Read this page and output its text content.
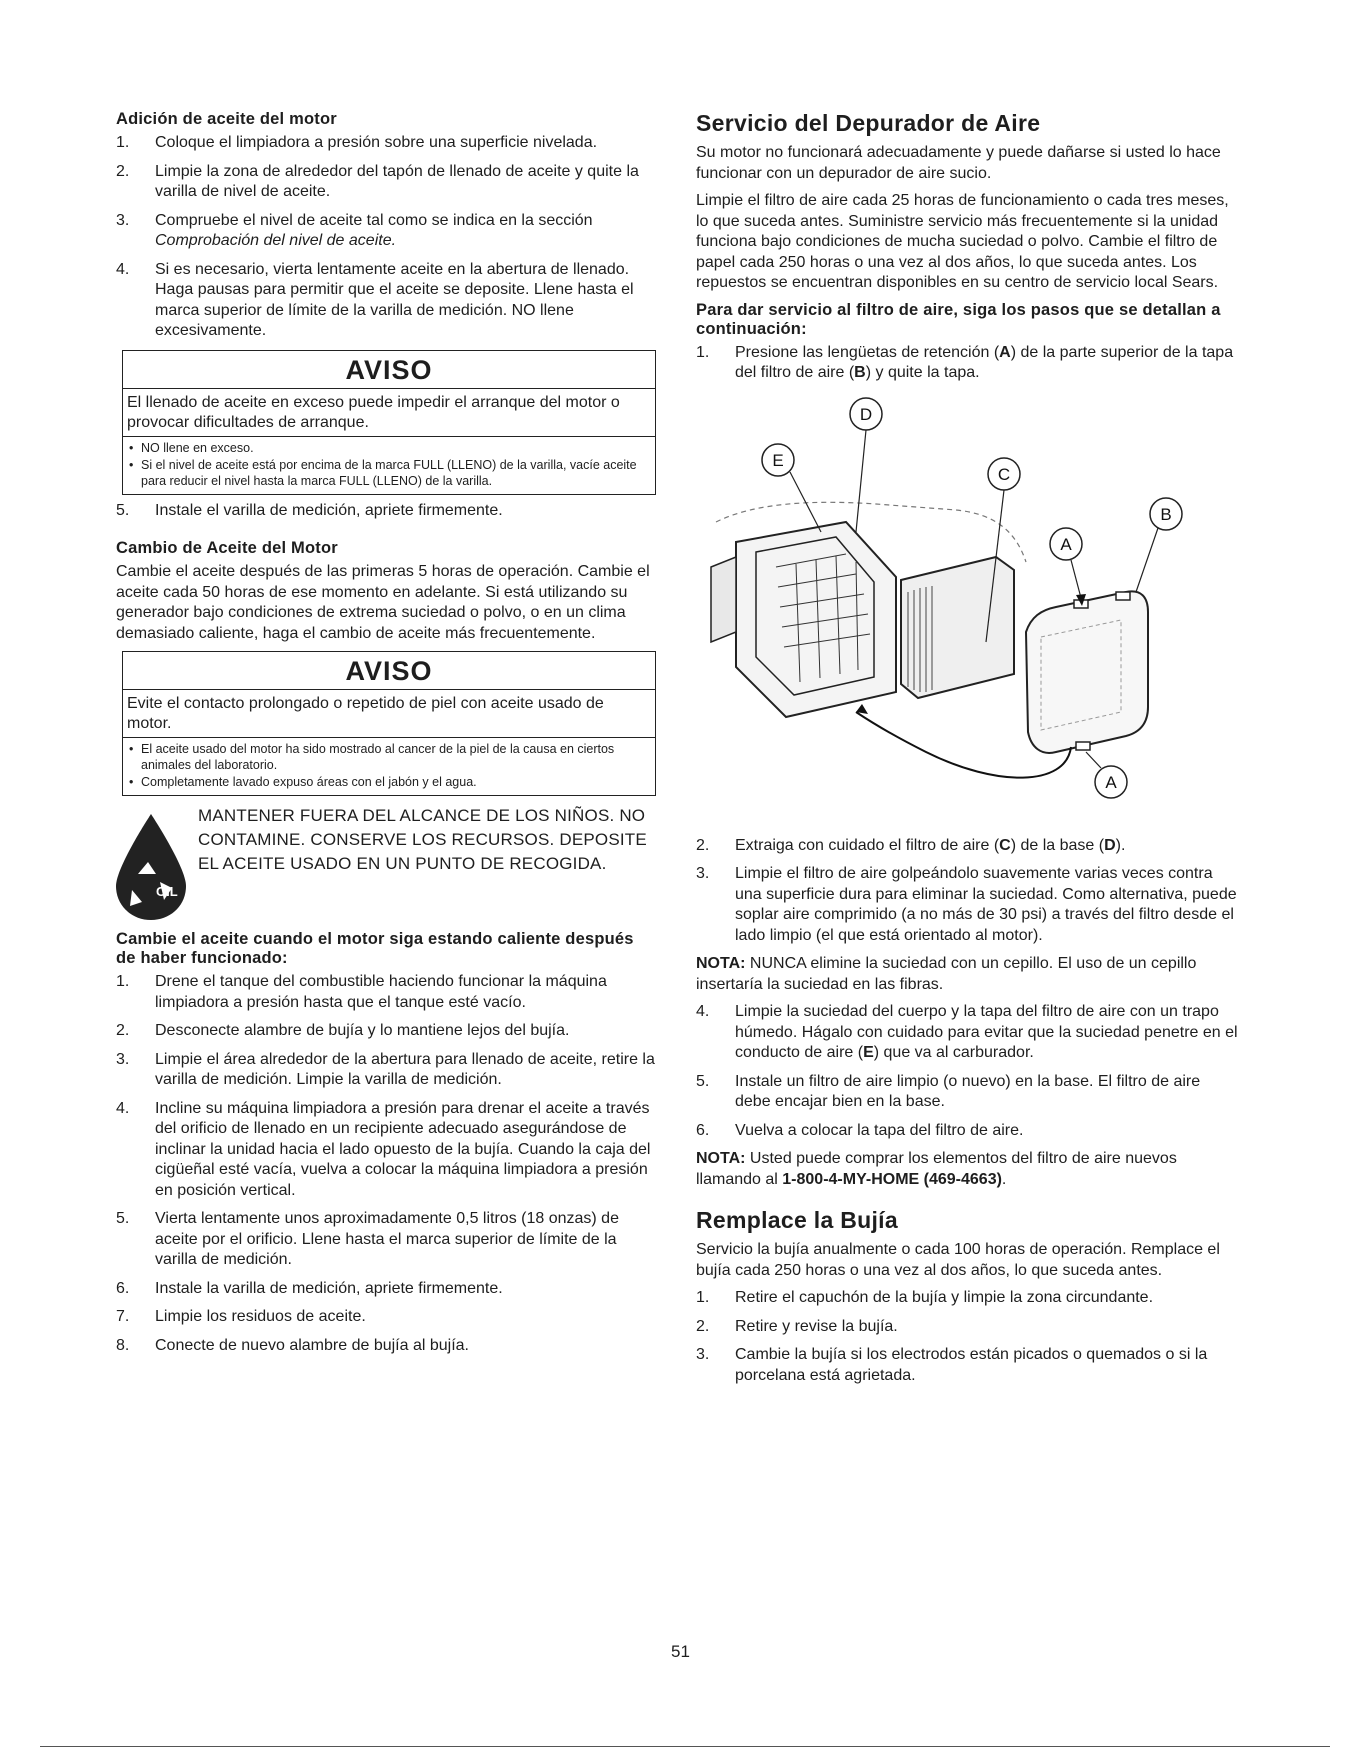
Adición de aceite del motor
1. Coloque el limpiadora a presión sobre una superficie nivelada.
2. Limpie la zona de alrededor del tapón de llenado de aceite y quite la varilla de nivel de aceite.
3. Compruebe el nivel de aceite tal como se indica en la sección
Comprobación del nivel de aceite.
4. Si es necesario, vierta lentamente aceite en la abertura de llenado. Haga pausas para permitir que el aceite se deposite. Llene hasta el marca superior de límite de la varilla de medición. NO llene excesivamente.
AVISO
El llenado de aceite en exceso puede impedir el arranque del motor o provocar dificultades de arranque.
• NO llene en exceso.
• Si el nivel de aceite está por encima de la marca FULL (LLENO) de la varilla, vacíe aceite para reducir el nivel hasta la marca FULL (LLENO) de la varilla.
5. Instale el varilla de medición, apriete firmemente.
Cambio de Aceite del Motor

Cambie el aceite después de las primeras 5 horas de operación. Cambie el aceite cada 50 horas de ese momento en adelante. Si está utilizando su generador bajo condiciones de extrema suciedad o polvo, o en un clima demasiado caliente, haga el cambio de aceite más frecuentemente.

AVISO
Evite el contacto prolongado o repetido de piel con aceite usado de motor.
• El aceite usado del motor ha sido mostrado al cancer de la piel de la causa en ciertos animales del laboratorio.
• Completamente lavado expuso áreas con el jabón y el agua.
OIL
MANTENER FUERA DEL ALCANCE DE LOS NIÑOS. NO CONTAMINE. CONSERVE LOS RECURSOS. DEPOSITE EL ACEITE USADO EN UN PUNTO DE RECOGIDA.
Cambie el aceite cuando el motor siga estando caliente después de haber funcionado:
1. Drene el tanque del combustible haciendo funcionar la máquina limpiadora a presión hasta que el tanque esté vacío.
2. Desconecte alambre de bujía y lo mantiene lejos del bujía.
3. Limpie el área alrededor de la abertura para llenado de aceite, retire la varilla de medición. Limpie la varilla de medición.
4. Incline su máquina limpiadora a presión para drenar el aceite a través del orificio de llenado en un recipiente adecuado asegurándose de inclinar la unidad hacia el lado opuesto de la bujía. Cuando la caja del cigüeñal esté vacía, vuelva a colocar la máquina limpiadora a presión en posición vertical.
5. Vierta lentamente unos aproximadamente 0,5 litros (18 onzas) de aceite por el orificio. Llene hasta el marca superior de límite de la varilla de medición.
6. Instale la varilla de medición, apriete firmemente.
7. Limpie los residuos de aceite.
8. Conecte de nuevo alambre de bujía al bujía.
Servicio del Depurador de Aire

Su motor no funcionará adecuadamente y puede dañarse si usted lo hace funcionar con un depurador de aire sucio.

Limpie el filtro de aire cada 25 horas de funcionamiento o cada tres meses, lo que suceda antes. Suministre servicio más frecuentemente si la unidad funciona bajo condiciones de mucha suciedad o polvo. Cambie el filtro de papel cada 250 horas o una vez al dos años, lo que suceda antes. Los repuestos se encuentran disponibles en su centro de servicio local Sears.

Para dar servicio al filtro de aire, siga los pasos que se detallan a continuación:
1. Presione las lengüetas de retención (A) de la parte superior de la tapa del filtro de aire (B) y quite la tapa.
D
E
C
B
A
A
2. Extraiga con cuidado el filtro de aire (C) de la base (D).
3. Limpie el filtro de aire golpeándolo suavemente varias veces contra una superficie dura para eliminar la suciedad. Como alternativa, puede soplar aire comprimido (a no más de 30 psi) a través del filtro desde el lado limpio (el que está orientado al motor).

NOTA: NUNCA elimine la suciedad con un cepillo. El uso de un cepillo insertaría la suciedad en las fibras.

4. Limpie la suciedad del cuerpo y la tapa del filtro de aire con un trapo húmedo. Hágalo con cuidado para evitar que la suciedad penetre en el conducto de aire (E) que va al carburador.
5. Instale un filtro de aire limpio (o nuevo) en la base. El filtro de aire debe encajar bien en la base.
6. Vuelva a colocar la tapa del filtro de aire.

NOTA: Usted puede comprar los elementos del filtro de aire nuevos llamando al 1-800-4-MY-HOME (469-4663).

Remplace la Bujía

Servicio la bujía anualmente o cada 100 horas de operación. Remplace el bujía cada 250 horas o una vez al dos años, lo que suceda antes.

1. Retire el capuchón de la bujía y limpie la zona circundante.
2. Retire y revise la bujía.
3. Cambie la bujía si los electrodos están picados o quemados o si la porcelana está agrietada.
51
